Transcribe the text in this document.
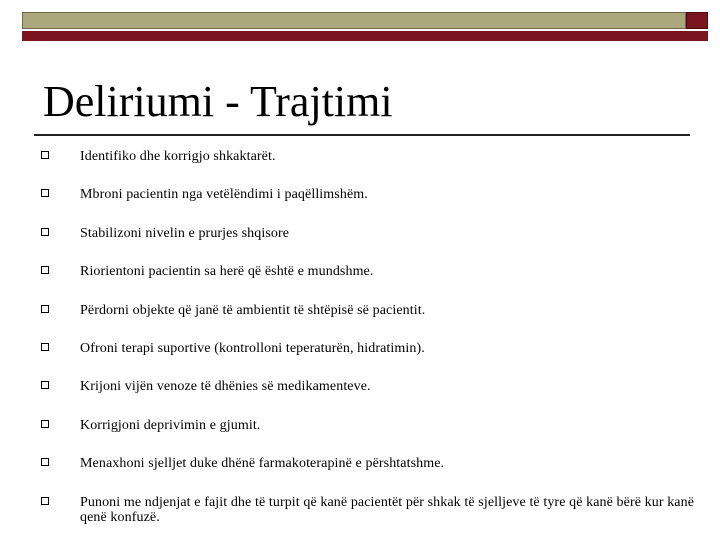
Deliriumi - Trajtimi
Identifiko dhe korrigjo shkaktarët.
Mbroni pacientin nga vetëlëndimi i paqëllimshëm.
Stabilizoni nivelin e prurjes shqisore
Riorientoni pacientin sa herë që është e mundshme.
Përdorni objekte që janë të ambientit të shtëpisë së pacientit.
Ofroni terapi suportive (kontrolloni teperaturën, hidratimin).
Krijoni vijën venoze të dhënies së medikamenteve.
Korrigjoni deprivimin e gjumit.
Menaxhoni sjelljet duke dhënë farmakoterapinë e përshtatshme.
Punoni me ndjenjat e fajit dhe të turpit që kanë pacientët për shkak të sjelljeve të tyre që kanë bërë kur kanë qenë konfuzë.
